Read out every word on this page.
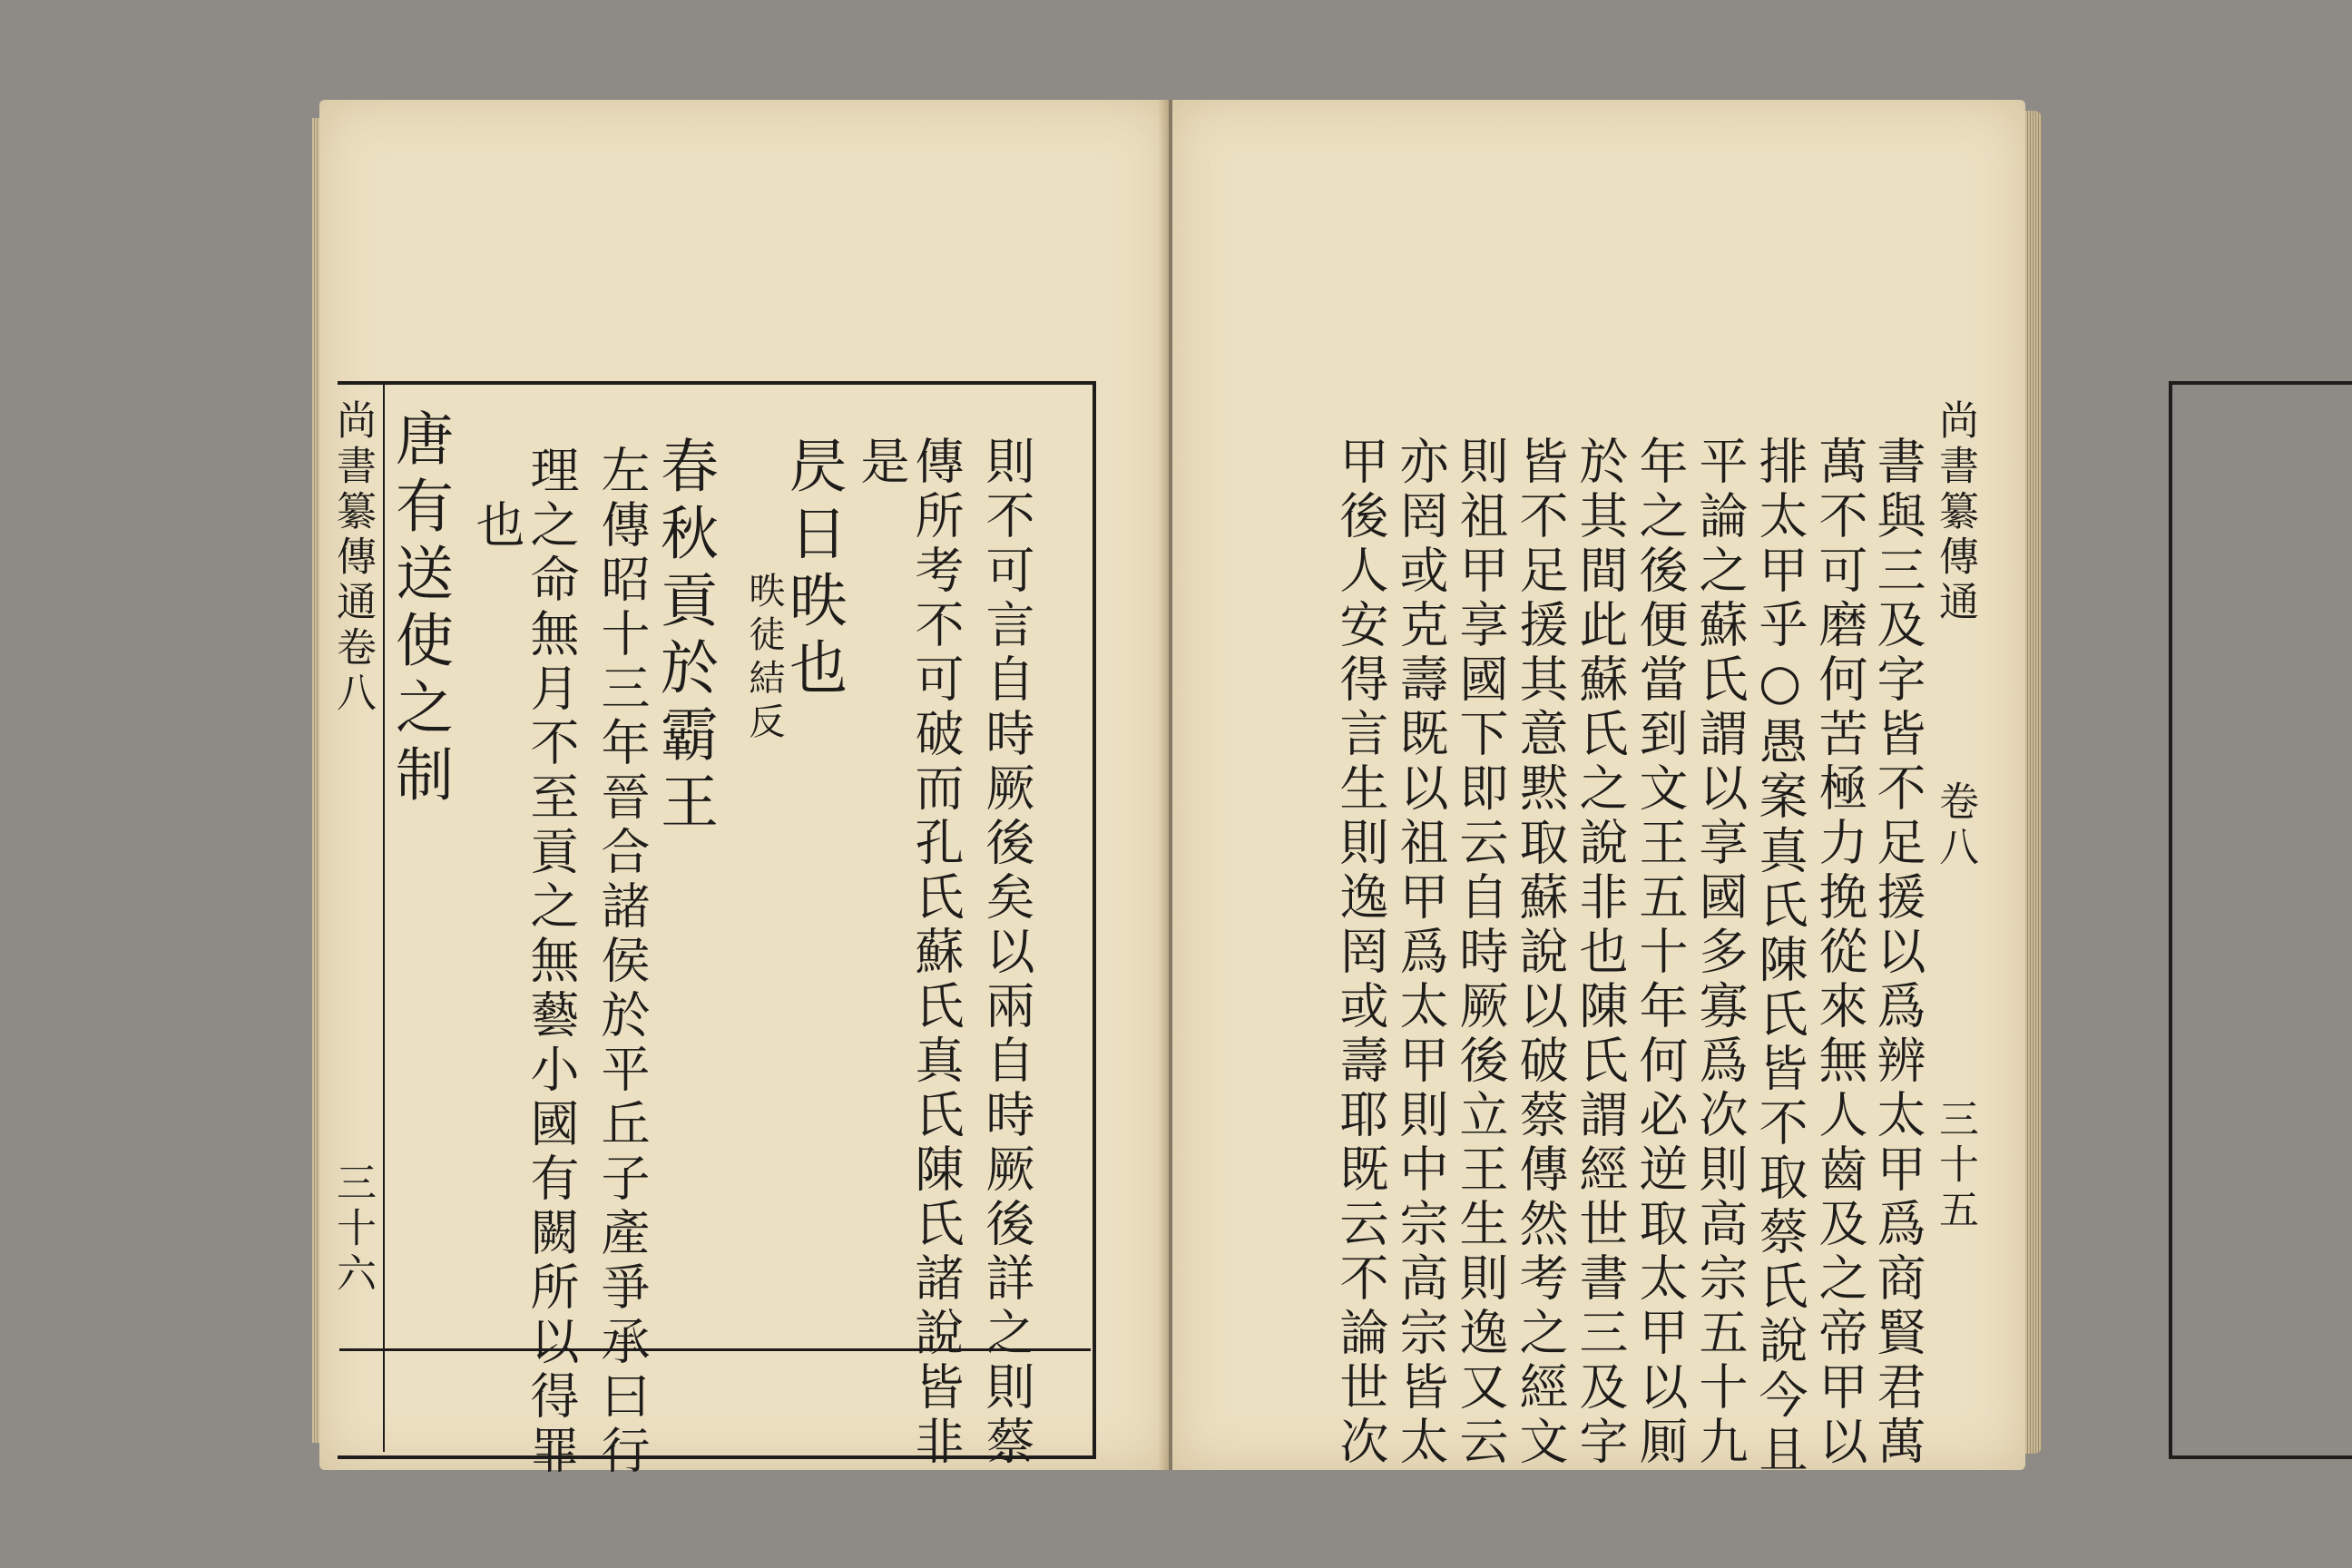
尚書纂傳通
卷八
三十六
唐有送使之制 也
理之命無月不至貢之無藝小國有闕所以得罪 左傳昭十三年晉合諸侯於平丘子產爭承曰行 春秋貢於霸王 昳徒結反
昃日昳也 是
傳所考不可破而孔氏蘇氏真氏陳氏諸說皆非 則不可言自時厥後矣以兩自時厥後詳之則蔡	甲後人安得言生則逸罔或壽耶既云不論世次 亦罔或克壽既以祖甲爲太甲則中宗高宗皆太 則祖甲享國下即云自時厥後立王生則逸又云 皆不足援其意黙取蘇說以破蔡傳然考之經文 於其間此蘇氏之說非也陳氏謂經世書三及字 年之後便當到文王五十年何必逆取太甲以厠 平論之蘇氏謂以享國多寡爲次則高宗五十九 排太甲乎○愚案真氏陳氏皆不取蔡氏說今且 萬不可磨何苦極力挽從來無人齒及之帝甲以 書與三及字皆不足援以爲辨太甲爲商賢君萬 尚書纂傳通
卷八
三十五
